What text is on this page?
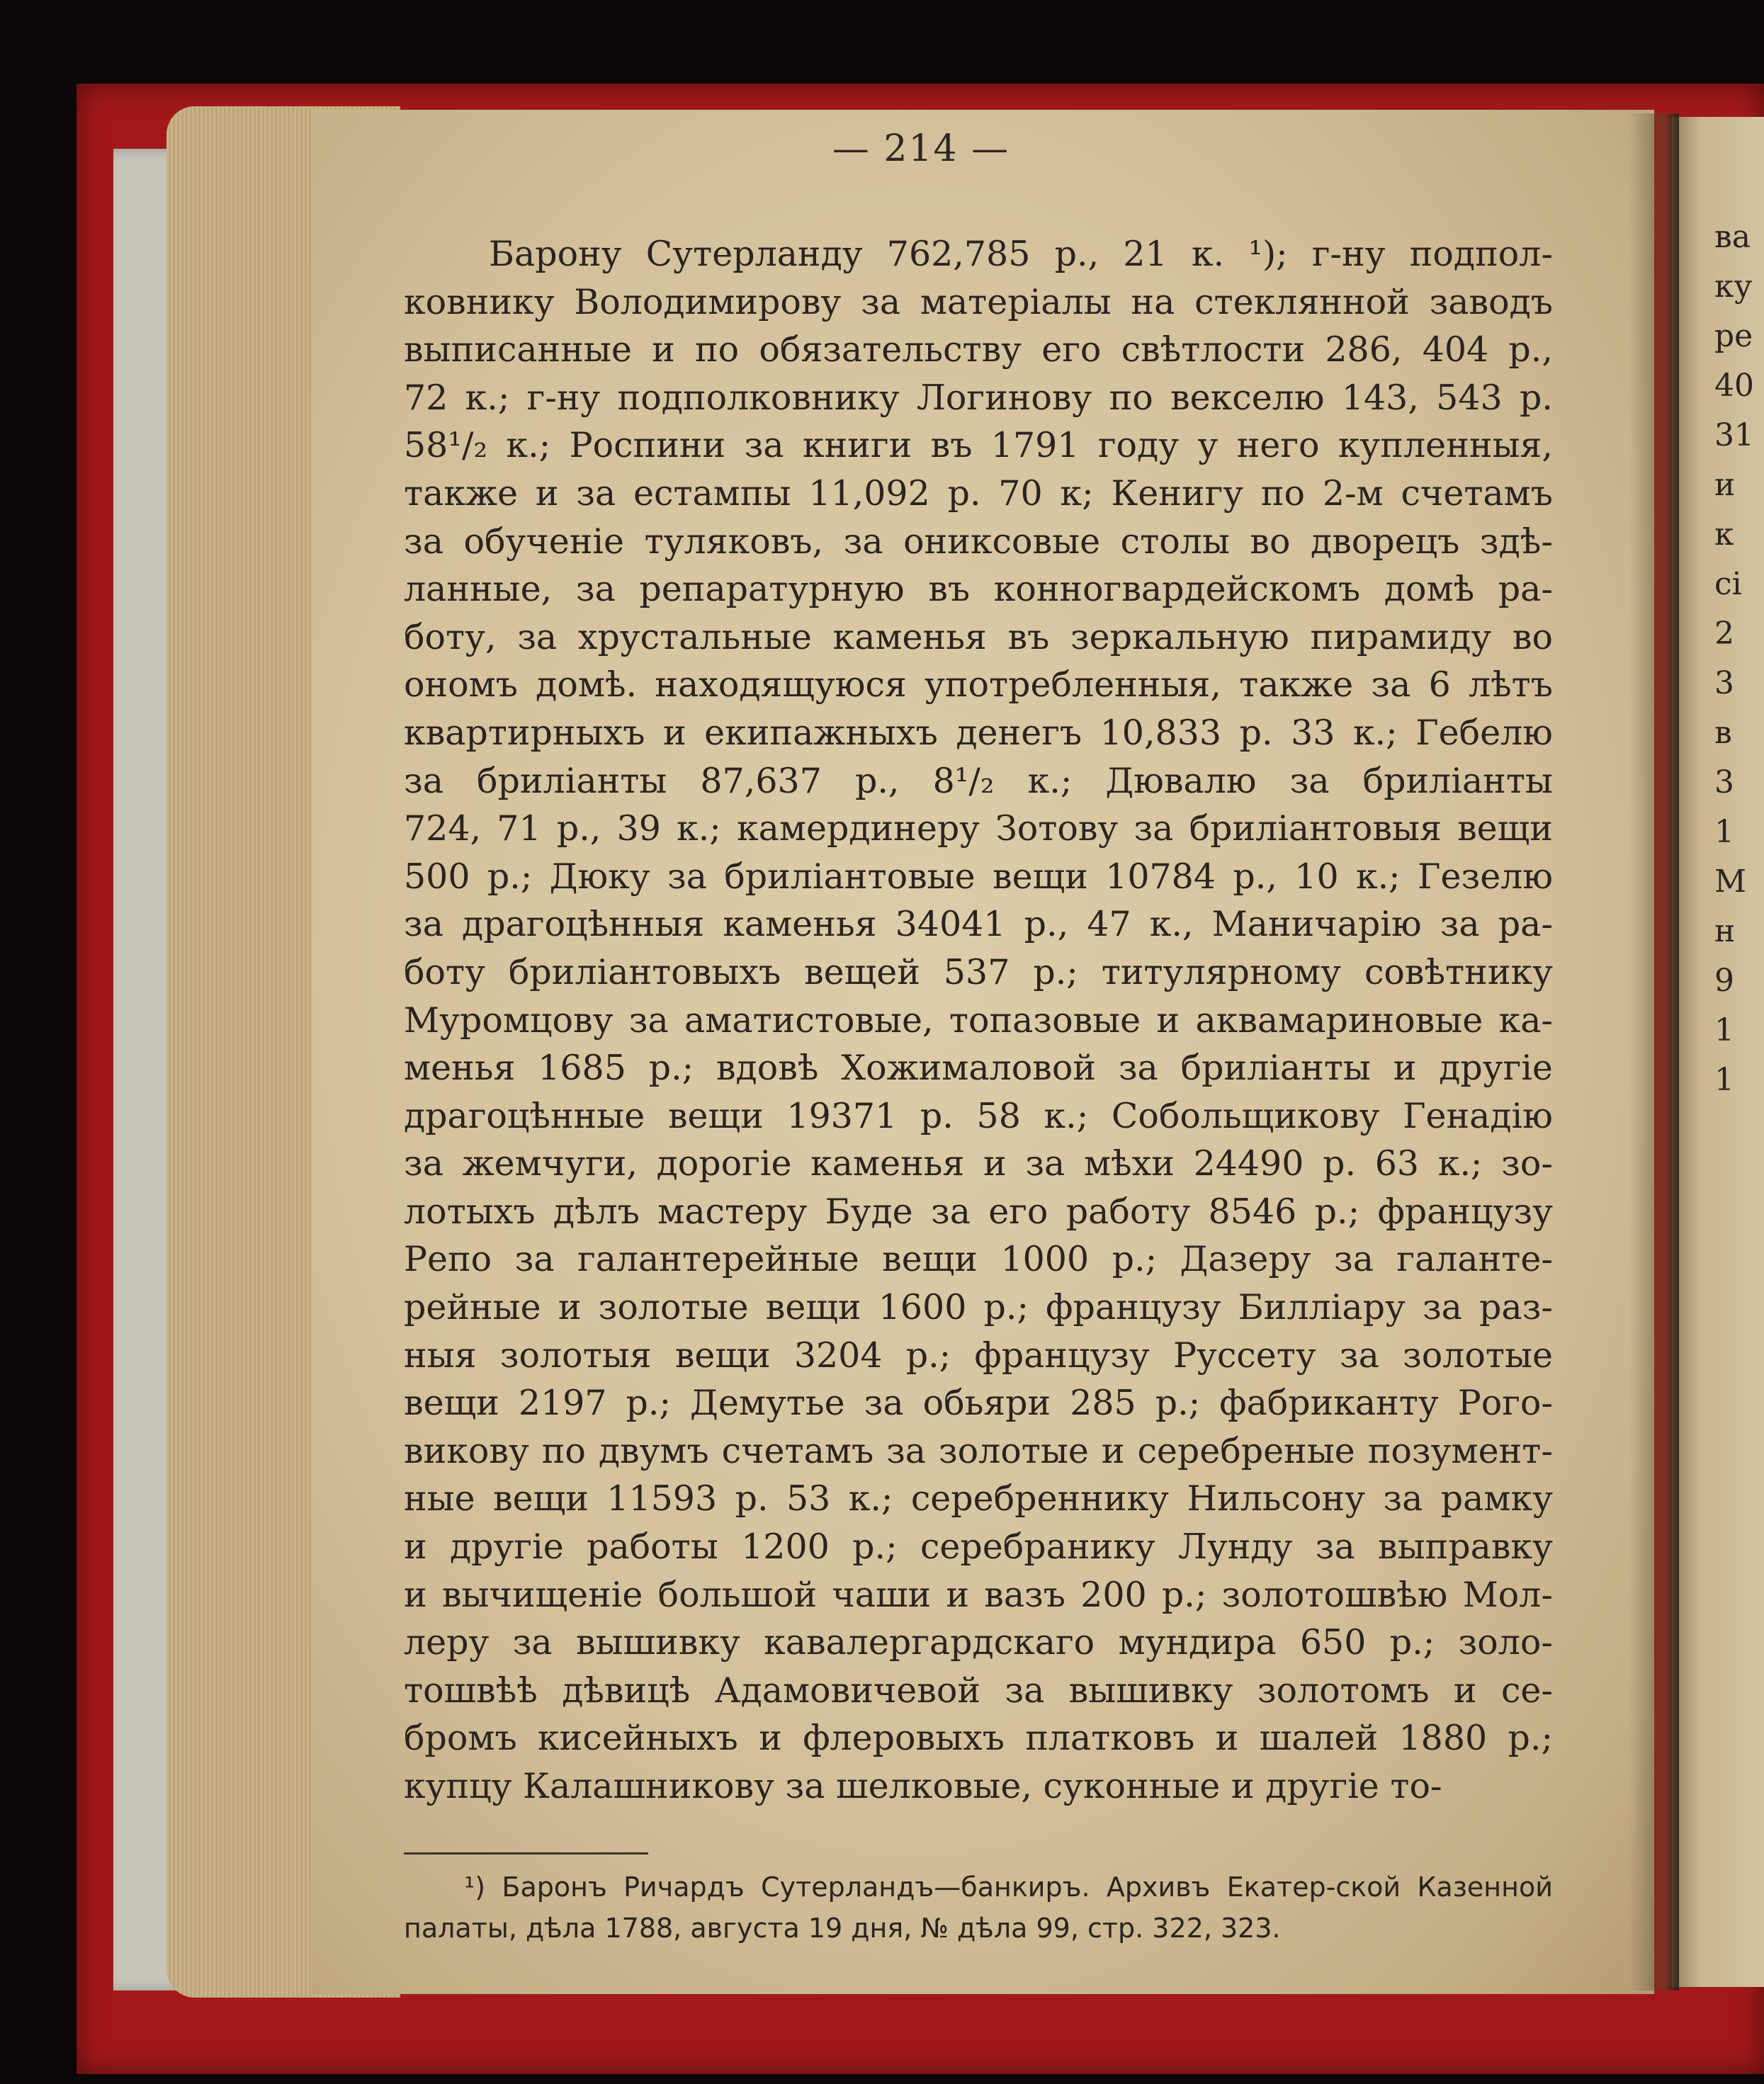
ва
ку
ре
40
31
и
к
сі
2
3
в
3
1
М
н
9
1
1
— 214 —
Барону Сутерланду 762,785 р., 21 к. ¹); г-ну подпол-
ковнику Володимирову за матеріалы на стеклянной заводъ
выписанные и по обязательству его свѣтлости 286, 404 р.,
72 к.; г-ну подполковнику Логинову по векселю 143, 543 р.
58¹/₂ к.; Роспини за книги въ 1791 году у него купленныя,
также и за естампы 11,092 р. 70 к; Кенигу по 2-м счетамъ
за обученіе туляковъ, за ониксовые столы во дворецъ здѣ-
ланные, за репаратурную въ конногвардейскомъ домѣ ра-
боту, за хрустальные каменья въ зеркальную пирамиду во
ономъ домѣ. находящуюся употребленныя, также за 6 лѣтъ
квартирныхъ и екипажныхъ денегъ 10,833 р. 33 к.; Гебелю
за бриліанты 87,637 р., 8¹/₂ к.; Дювалю за бриліанты
724, 71 р., 39 к.; камердинеру Зотову за бриліантовыя вещи
500 р.; Дюку за бриліантовые вещи 10784 р., 10 к.; Гезелю
за драгоцѣнныя каменья 34041 р., 47 к., Маничарію за ра-
боту бриліантовыхъ вещей 537 р.; титулярному совѣтнику
Муромцову за аматистовые, топазовые и аквамариновые ка-
менья 1685 р.; вдовѣ Хожималовой за бриліанты и другіе
драгоцѣнные вещи 19371 р. 58 к.; Собольщикову Генадію
за жемчуги, дорогіе каменья и за мѣхи 24490 р. 63 к.; зо-
лотыхъ дѣлъ мастеру Буде за его работу 8546 р.; французу
Репо за галантерейные вещи 1000 р.; Дазеру за галанте-
рейные и золотые вещи 1600 р.; французу Билліару за раз-
ныя золотыя вещи 3204 р.; французу Руссету за золотые
вещи 2197 р.; Демутье за обьяри 285 р.; фабриканту Рого-
викову по двумъ счетамъ за золотые и серебреные позумент-
ные вещи 11593 р. 53 к.; серебреннику Нильсону за рамку
и другіе работы 1200 р.; серебранику Лунду за выправку
и вычищеніе большой чаши и вазъ 200 р.; золотошвѣю Мол-
леру за вышивку кавалергардскаго мундира 650 р.; золо-
тошвѣѣ дѣвицѣ Адамовичевой за вышивку золотомъ и се-
бромъ кисейныхъ и флеровыхъ платковъ и шалей 1880 р.;
купцу Калашникову за шелковые, суконные и другіе то-
¹) Баронъ Ричардъ Сутерландъ—банкиръ. Архивъ Екатер-ской Казенной
палаты, дѣла 1788, августа 19 дня, № дѣла 99, стр. 322, 323.
